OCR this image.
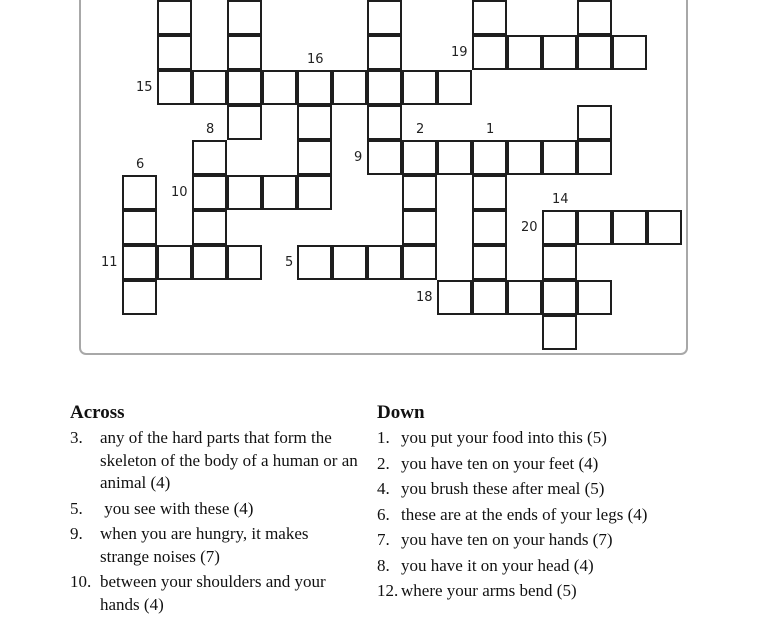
15
16	19
8	2	1
9
6
10	14
20
11	5
18
Across
3.	any of the hard parts that form the skeleton of the body of a human or an animal (4)
5.	you see with these (4)
9.	when you are hungry, it makes strange noises (7)
10. between your shoulders and your hands (4)
Down
1. you put your food into this (5)
2. you have ten on your feet (4)
4. you brush these after meal (5)
6. these are at the ends of your legs (4)
7. you have ten on your hands (7)
8. you have it on your head (4)
12. where your arms bend (5)
